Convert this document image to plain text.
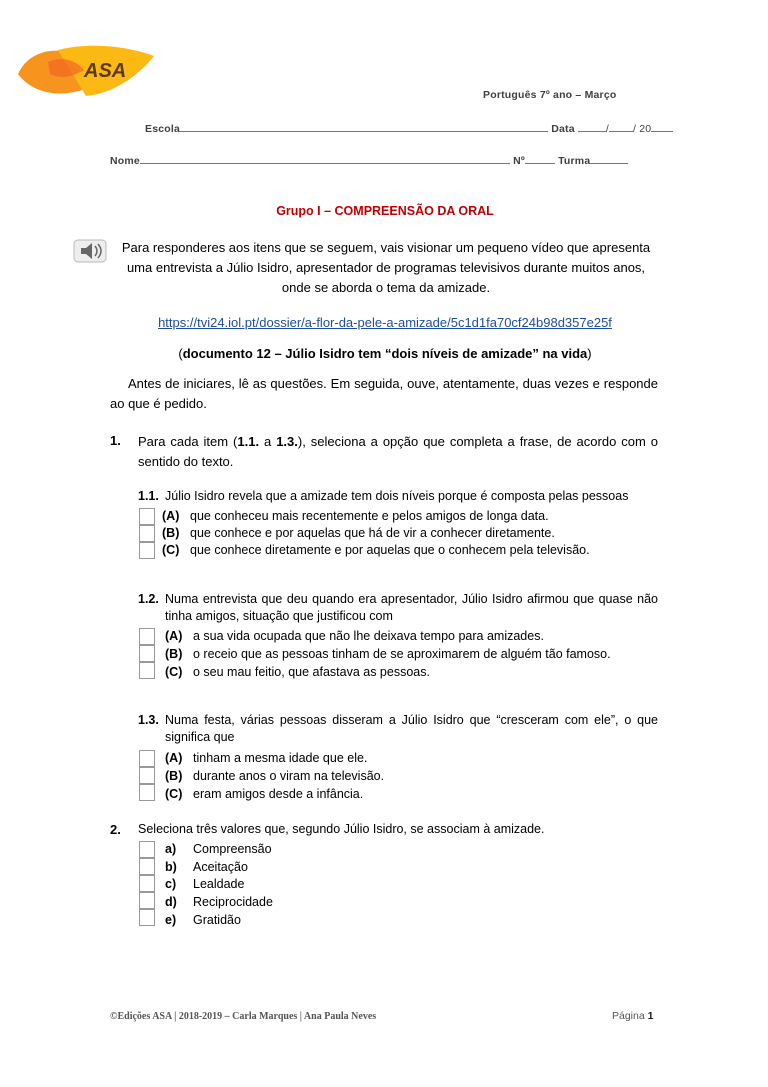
ASA
Português 7º ano – Março
Escola	Data	/ / 20
Nome	Nº	Turma
Grupo I – COMPREENSÃO DA ORAL
Para responderes aos itens que se seguem, vais visionar um pequeno vídeo que apresenta uma entrevista a Júlio Isidro, apresentador de programas televisivos durante muitos anos, onde se aborda o tema da amizade.
https://tvi24.iol.pt/dossier/a-flor-da-pele-a-amizade/5c1d1fa70cf24b98d357e25f
(documento 12 – Júlio Isidro tem “dois níveis de amizade” na vida)
Antes de iniciares, lê as questões. Em seguida, ouve, atentamente, duas vezes e responde ao que é pedido.
1. Para cada item (1.1. a 1.3.), seleciona a opção que completa a frase, de acordo com o sentido do texto.
1.1. Júlio Isidro revela que a amizade tem dois níveis porque é composta pelas pessoas
(A) que conheceu mais recentemente e pelos amigos de longa data.
(B) que conhece e por aquelas que há de vir a conhecer diretamente.
(C) que conhece diretamente e por aquelas que o conhecem pela televisão.
1.2. Numa entrevista que deu quando era apresentador, Júlio Isidro afirmou que quase não tinha amigos, situação que justificou com
(A) a sua vida ocupada que não lhe deixava tempo para amizades.
(B) o receio que as pessoas tinham de se aproximarem de alguém tão famoso.
(C) o seu mau feitio, que afastava as pessoas.
1.3. Numa festa, várias pessoas disseram a Júlio Isidro que “cresceram com ele”, o que significa que
(A) tinham a mesma idade que ele.
(B) durante anos o viram na televisão.
(C) eram amigos desde a infância.
2. Seleciona três valores que, segundo Júlio Isidro, se associam à amizade.
a) Compreensão
b) Aceitação
c) Lealdade
d) Reciprocidade
e) Gratidão
©Edições ASA | 2018-2019 – Carla Marques | Ana Paula Neves	Página 1
